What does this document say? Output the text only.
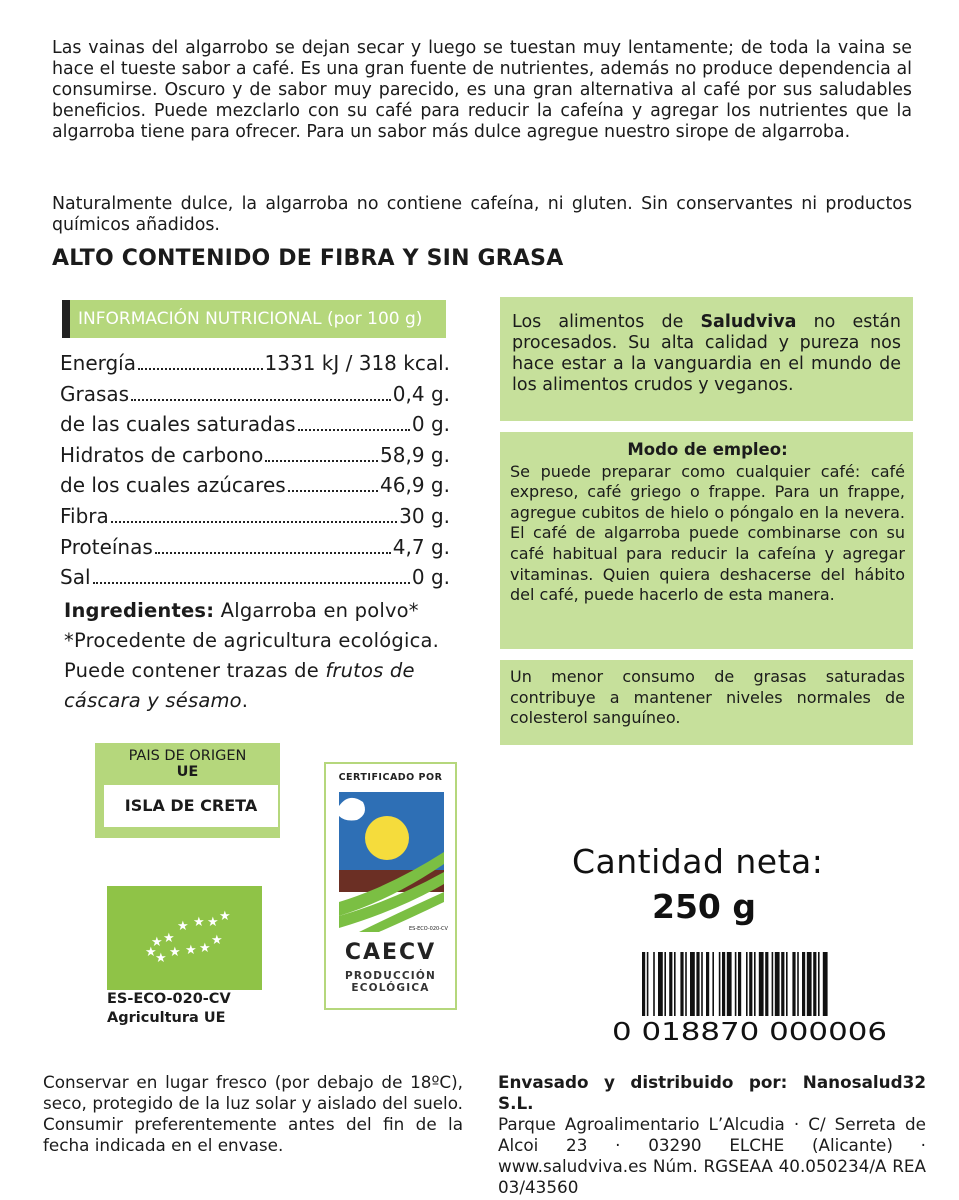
Las vainas del algarrobo se dejan secar y luego se tuestan muy lentamente; de toda la vaina se hace el tueste sabor a café. Es una gran fuente de nutrientes, además no produce dependencia al consumirse. Oscuro y de sabor muy parecido, es una gran alternativa al café por sus saludables beneficios. Puede mezclarlo con su café para reducir la cafeína y agregar los nutrientes que la algarroba tiene para ofrecer. Para un sabor más dulce agregue nuestro sirope de algarroba.

Naturalmente dulce, la algarroba no contiene cafeína, ni gluten. Sin conservantes ni productos químicos añadidos.

ALTO CONTENIDO DE FIBRA Y SIN GRASA
INFORMACIÓN NUTRICIONAL (por 100 g)
Energía	1331 kJ / 318 kcal.
Grasas	0,4 g.
de las cuales saturadas	0 g.
Hidratos de carbono	58,9 g.
de los cuales azúcares	46,9 g.
Fibra	30 g.
Proteínas	4,7 g.
Sal	0 g.
Ingredientes: Algarroba en polvo*
*Procedente de agricultura ecológica.
Puede contener trazas de frutos de cáscara y sésamo.
Los alimentos de Saludviva no están procesados. Su alta calidad y pureza nos hace estar a la vanguardia en el mundo de los alimentos crudos y veganos.
Modo de empleo:
Se puede preparar como cualquier café: café expreso, café griego o frappe. Para un frappe, agregue cubitos de hielo o póngalo en la nevera. El café de algarroba puede combinarse con su café habitual para reducir la cafeína y agregar vitaminas. Quien quiera deshacerse del hábito del café, puede hacerlo de esta manera.
Un menor consumo de grasas saturadas contribuye a mantener niveles normales de colesterol sanguíneo.
PAIS DE ORIGEN
UE
ISLA DE CRETA
★ ★ ★
★
★ ★ ★ ★
★
★
★
★
ES-ECO-020-CV
Agricultura UE
CERTIFICADO POR
ES-ECO-020-CV
CAECV
PRODUCCIÓN
ECOLÓGICA
Cantidad neta:
250 g
0 018870 000006

Conservar en lugar fresco (por debajo de 18ºC), seco, protegido de la luz solar y aislado del suelo. Consumir preferentemente antes del fin de la fecha indicada en el envase.

Envasado y distribuido por: Nanosalud32 S.L.
Parque Agroalimentario L’Alcudia · C/ Serreta de Alcoi 23 · 03290 ELCHE (Alicante) · www.saludviva.es Núm. RGSEAA 40.050234/A REA 03/43560
